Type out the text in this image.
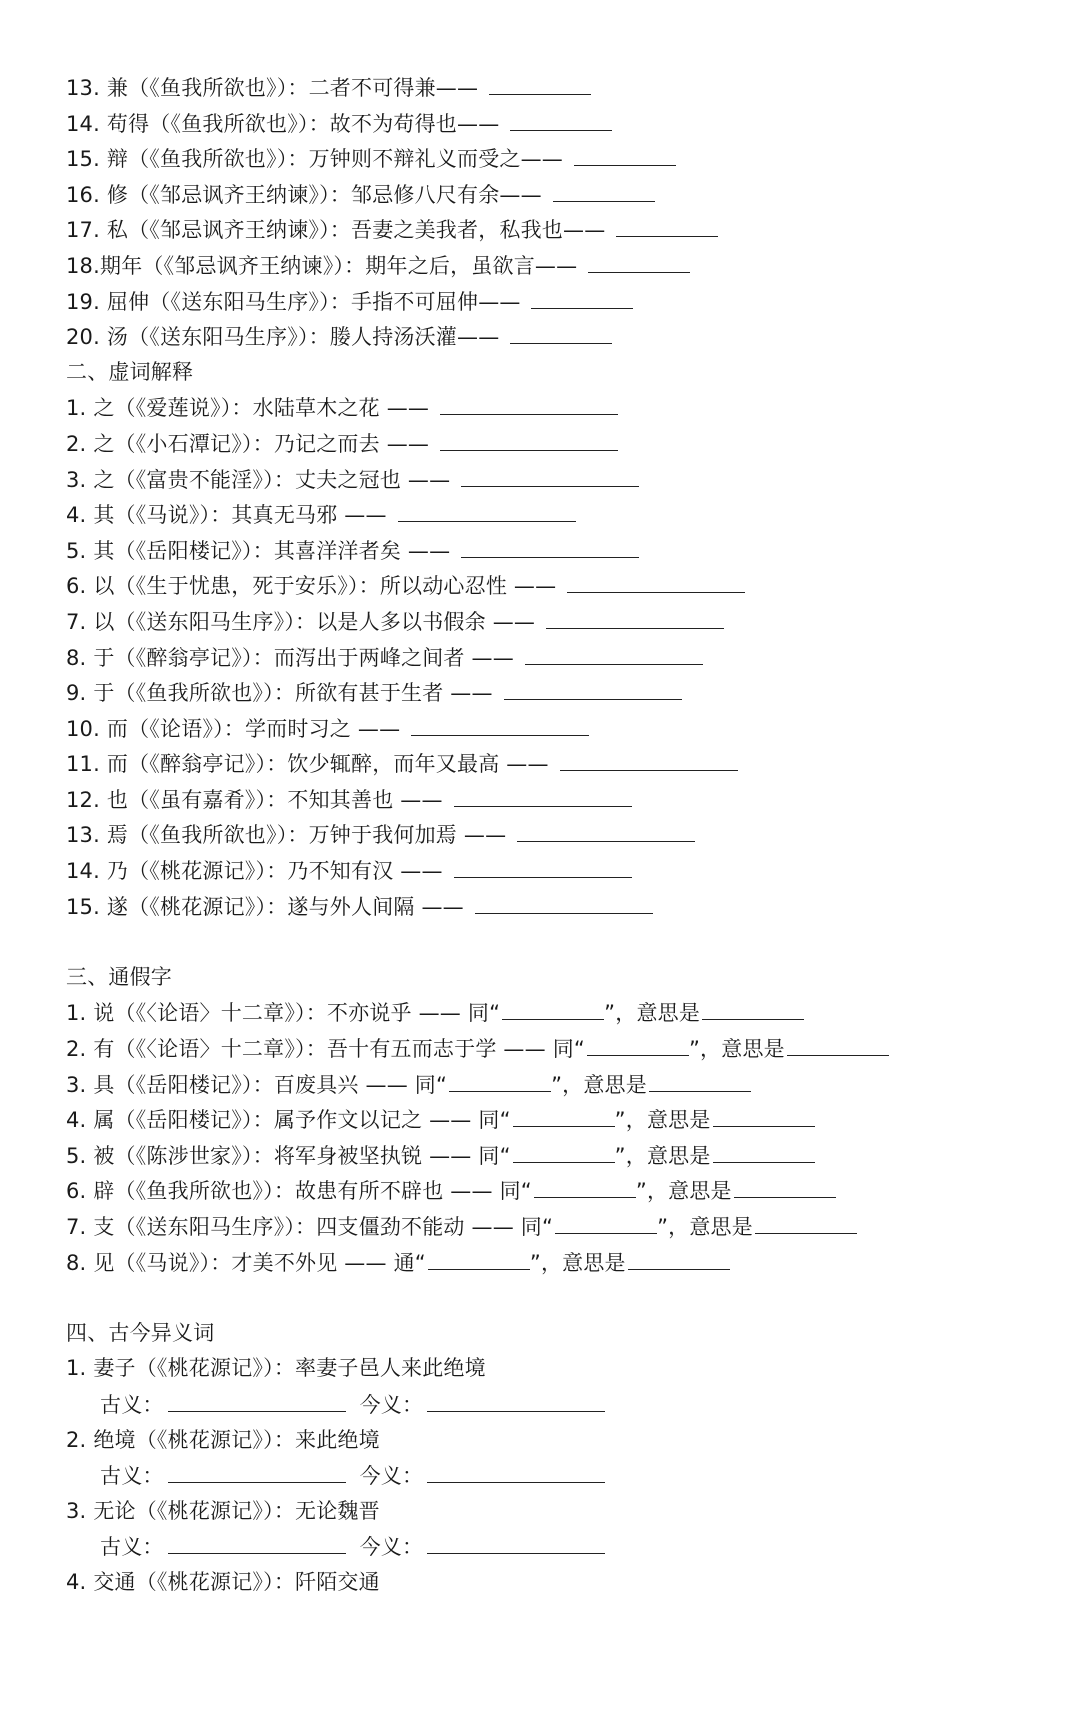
13. 兼（《鱼我所欲也》）：二者不可得兼——
14. 苟得（《鱼我所欲也》）：故不为苟得也——
15. 辩（《鱼我所欲也》）：万钟则不辩礼义而受之——
16. 修（《邹忌讽齐王纳谏》）：邹忌修八尺有余——
17. 私（《邹忌讽齐王纳谏》）：吾妻之美我者，私我也——
18.期年（《邹忌讽齐王纳谏》）：期年之后，虽欲言——
19. 屈伸（《送东阳马生序》）：手指不可屈伸——
20. 汤（《送东阳马生序》）：媵人持汤沃灌——
二、虚词解释
1. 之（《爱莲说》）：水陆草木之花 ——
2. 之（《小石潭记》）：乃记之而去 ——
3. 之（《富贵不能淫》）：丈夫之冠也 ——
4. 其（《马说》）：其真无马邪 ——
5. 其（《岳阳楼记》）：其喜洋洋者矣 ——
6. 以（《生于忧患，死于安乐》）：所以动心忍性 ——
7. 以（《送东阳马生序》）：以是人多以书假余 ——
8. 于（《醉翁亭记》）：而泻出于两峰之间者 ——
9. 于（《鱼我所欲也》）：所欲有甚于生者 ——
10. 而（《论语》）：学而时习之 ——
11. 而（《醉翁亭记》）：饮少辄醉，而年又最高 ——
12. 也（《虽有嘉肴》）：不知其善也 ——
13. 焉（《鱼我所欲也》）：万钟于我何加焉 ——
14. 乃（《桃花源记》）：乃不知有汉 ——
15. 遂（《桃花源记》）：遂与外人间隔 ——
三、通假字
1. 说（《〈论语〉十二章》）：不亦说乎 —— 同“	”，意思是
2. 有（《〈论语〉十二章》）：吾十有五而志于学 —— 同“	”，意思是
3. 具（《岳阳楼记》）：百废具兴 —— 同“	”，意思是
4. 属（《岳阳楼记》）：属予作文以记之 —— 同“	”，意思是
5. 被（《陈涉世家》）：将军身被坚执锐 —— 同“	”，意思是
6. 辟（《鱼我所欲也》）：故患有所不辟也 —— 同“	”，意思是
7. 支（《送东阳马生序》）：四支僵劲不能动 —— 同“	”，意思是
8. 见（《马说》）：才美不外见 —— 通“	”，意思是
四、古今异义词
1. 妻子（《桃花源记》）：率妻子邑人来此绝境
古义：	今义：
2. 绝境（《桃花源记》）：来此绝境
古义：	今义：
3. 无论（《桃花源记》）：无论魏晋
古义：	今义：
4. 交通（《桃花源记》）：阡陌交通
